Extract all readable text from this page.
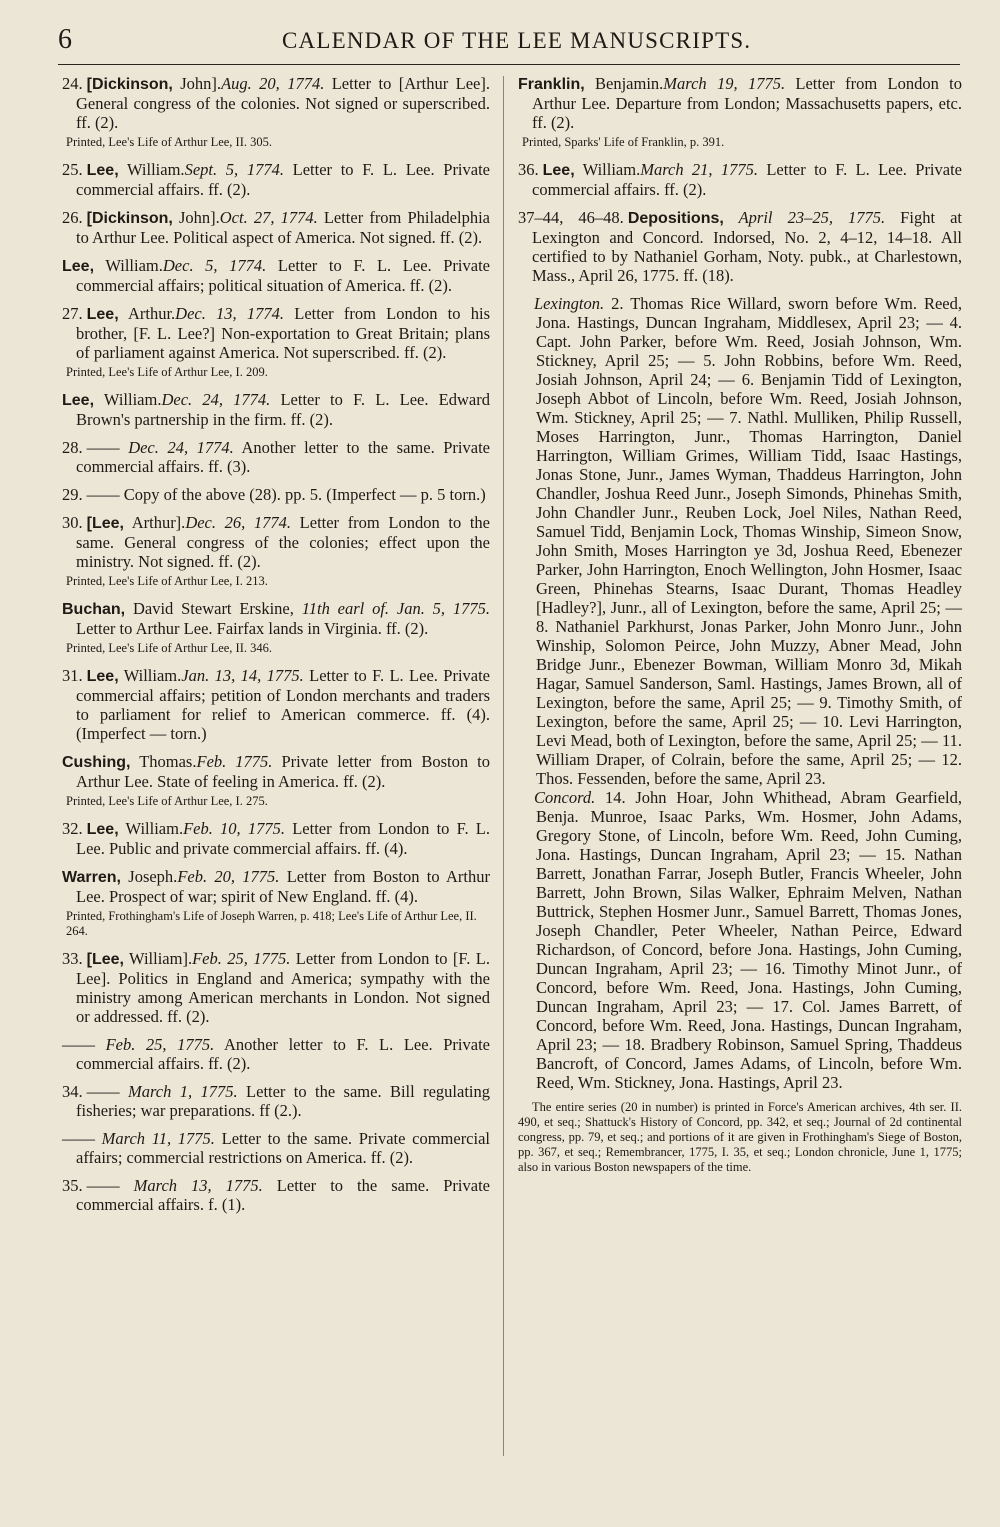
6	CALENDAR OF THE LEE MANUSCRIPTS.

24. [Dickinson, John].Aug. 20, 1774. Letter to [Arthur Lee]. General congress of the colonies. Not signed or superscribed. ff. (2).

Printed, Lee's Life of Arthur Lee, II. 305.

25. Lee, William.Sept. 5, 1774. Letter to F. L. Lee. Private commercial affairs. ff. (2).

26. [Dickinson, John].Oct. 27, 1774. Letter from Philadelphia to Arthur Lee. Political aspect of America. Not signed. ff. (2).

Lee, William.Dec. 5, 1774. Letter to F. L. Lee. Private commercial affairs; political situation of America. ff. (2).

27. Lee, Arthur.Dec. 13, 1774. Letter from London to his brother, [F. L. Lee?] Non-exportation to Great Britain; plans of parliament against America. Not superscribed. ff. (2).

Printed, Lee's Life of Arthur Lee, I. 209.

Lee, William.Dec. 24, 1774. Letter to F. L. Lee. Edward Brown's partnership in the firm. ff. (2).

28. —— Dec. 24, 1774. Another letter to the same. Private commercial affairs. ff. (3).

29. —— Copy of the above (28). pp. 5. (Imperfect — p. 5 torn.)

30. [Lee, Arthur].Dec. 26, 1774. Letter from London to the same. General congress of the colonies; effect upon the ministry. Not signed. ff. (2).

Printed, Lee's Life of Arthur Lee, I. 213.

Buchan, David Stewart Erskine, 11th earl of. Jan. 5, 1775. Letter to Arthur Lee. Fairfax lands in Virginia. ff. (2).

Printed, Lee's Life of Arthur Lee, II. 346.

31. Lee, William.Jan. 13, 14, 1775. Letter to F. L. Lee. Private commercial affairs; petition of London merchants and traders to parliament for relief to American commerce. ff. (4). (Imperfect — torn.)

Cushing, Thomas.Feb. 1775. Private letter from Boston to Arthur Lee. State of feeling in America. ff. (2).

Printed, Lee's Life of Arthur Lee, I. 275.

32. Lee, William.Feb. 10, 1775. Letter from London to F. L. Lee. Public and private commercial affairs. ff. (4).

Warren, Joseph.Feb. 20, 1775. Letter from Boston to Arthur Lee. Prospect of war; spirit of New England. ff. (4).

Printed, Frothingham's Life of Joseph Warren, p. 418; Lee's Life of Arthur Lee, II. 264.

33. [Lee, William].Feb. 25, 1775. Letter from London to [F. L. Lee]. Politics in England and America; sympathy with the ministry among American merchants in London. Not signed or addressed. ff. (2).

—— Feb. 25, 1775. Another letter to F. L. Lee. Private commercial affairs. ff. (2).

34. —— March 1, 1775. Letter to the same. Bill regulating fisheries; war preparations. ff (2.).

—— March 11, 1775. Letter to the same. Private commercial affairs; commercial restrictions on America. ff. (2).

35. —— March 13, 1775. Letter to the same. Private commercial affairs. f. (1).

Franklin, Benjamin.March 19, 1775. Letter from London to Arthur Lee. Departure from London; Massachusetts papers, etc. ff. (2).

Printed, Sparks' Life of Franklin, p. 391.

36. Lee, William.March 21, 1775. Letter to F. L. Lee. Private commercial affairs. ff. (2).

37–44, 46–48. Depositions, April 23–25, 1775. Fight at Lexington and Concord. Indorsed, No. 2, 4–12, 14–18. All certified to by Nathaniel Gorham, Noty. pubk., at Charlestown, Mass., April 26, 1775. ff. (18).

Lexington. 2. Thomas Rice Willard, sworn before Wm. Reed, Jona. Hastings, Duncan Ingraham, Middlesex, April 23; — 4. Capt. John Parker, before Wm. Reed, Josiah Johnson, Wm. Stickney, April 25; — 5. John Robbins, before Wm. Reed, Josiah Johnson, April 24; — 6. Benjamin Tidd of Lexington, Joseph Abbot of Lincoln, before Wm. Reed, Josiah Johnson, Wm. Stickney, April 25; — 7. Nathl. Mulliken, Philip Russell, Moses Harrington, Junr., Thomas Harrington, Daniel Harrington, William Grimes, William Tidd, Isaac Hastings, Jonas Stone, Junr., James Wyman, Thaddeus Harrington, John Chandler, Joshua Reed Junr., Joseph Simonds, Phinehas Smith, John Chandler Junr., Reuben Lock, Joel Niles, Nathan Reed, Samuel Tidd, Benjamin Lock, Thomas Winship, Simeon Snow, John Smith, Moses Harrington ye 3d, Joshua Reed, Ebenezer Parker, John Harrington, Enoch Wellington, John Hosmer, Isaac Green, Phinehas Stearns, Isaac Durant, Thomas Headley [Hadley?], Junr., all of Lexington, before the same, April 25; — 8. Nathaniel Parkhurst, Jonas Parker, John Monro Junr., John Winship, Solomon Peirce, John Muzzy, Abner Mead, John Bridge Junr., Ebenezer Bowman, William Monro 3d, Mikah Hagar, Samuel Sanderson, Saml. Hastings, James Brown, all of Lexington, before the same, April 25; — 9. Timothy Smith, of Lexington, before the same, April 25; — 10. Levi Harrington, Levi Mead, both of Lexington, before the same, April 25; — 11. William Draper, of Colrain, before the same, April 25; — 12. Thos. Fessenden, before the same, April 23.

Concord. 14. John Hoar, John Whithead, Abram Gearfield, Benja. Munroe, Isaac Parks, Wm. Hosmer, John Adams, Gregory Stone, of Lincoln, before Wm. Reed, John Cuming, Jona. Hastings, Duncan Ingraham, April 23; — 15. Nathan Barrett, Jonathan Farrar, Joseph Butler, Francis Wheeler, John Barrett, John Brown, Silas Walker, Ephraim Melven, Nathan Buttrick, Stephen Hosmer Junr., Samuel Barrett, Thomas Jones, Joseph Chandler, Peter Wheeler, Nathan Peirce, Edward Richardson, of Concord, before Jona. Hastings, John Cuming, Duncan Ingraham, April 23; — 16. Timothy Minot Junr., of Concord, before Wm. Reed, Jona. Hastings, John Cuming, Duncan Ingraham, April 23; — 17. Col. James Barrett, of Concord, before Wm. Reed, Jona. Hastings, Duncan Ingraham, April 23; — 18. Bradbery Robinson, Samuel Spring, Thaddeus Bancroft, of Concord, James Adams, of Lincoln, before Wm. Reed, Wm. Stickney, Jona. Hastings, April 23.

The entire series (20 in number) is printed in Force's American archives, 4th ser. II. 490, et seq.; Shattuck's History of Concord, pp. 342, et seq.; Journal of 2d continental congress, pp. 79, et seq.; and portions of it are given in Frothingham's Siege of Boston, pp. 367, et seq.; Remembrancer, 1775, I. 35, et seq.; London chronicle, June 1, 1775; also in various Boston newspapers of the time.
